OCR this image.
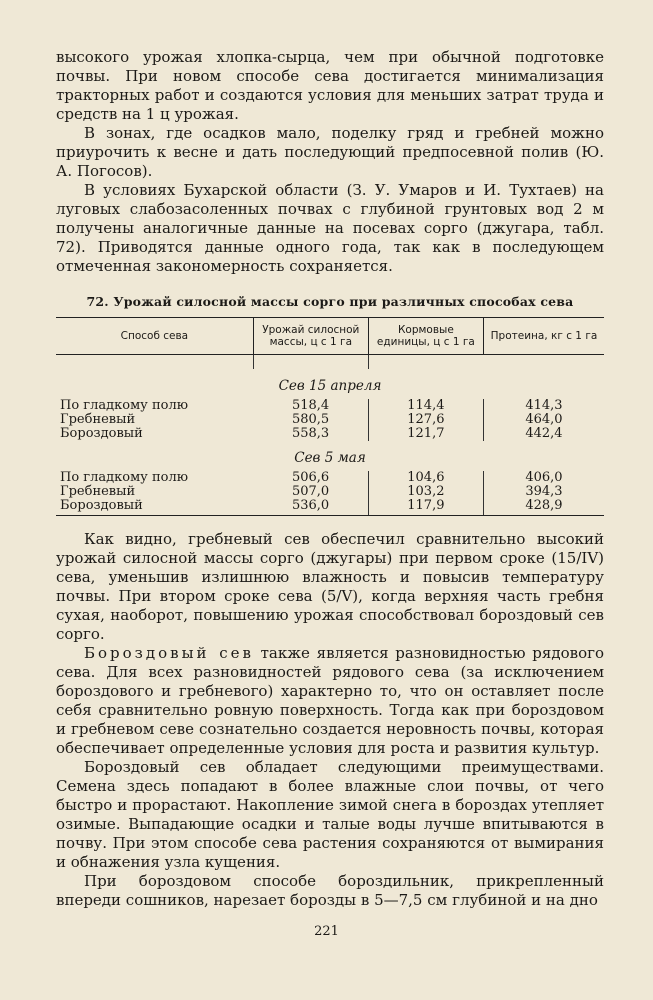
высокого урожая хлопка-сырца, чем при обычной подготовке почвы. При новом способе сева достигается минимализация тракторных работ и создаются условия для меньших затрат труда и средств на 1 ц урожая.

В зонах, где осадков мало, поделку гряд и гребней можно приурочить к весне и дать последующий предпосевной полив (Ю. А. Погосов).

В условиях Бухарской области (З. У. Умаров и И. Тухтаев) на луговых слабозасоленных почвах с глубиной грунтовых вод 2 м получены аналогичные данные на посевах сорго (джугара, табл. 72). Приводятся данные одного года, так как в последующем отмеченная закономерность сохраняется.

72. Урожай силосной массы сорго при различных способах сева
Способ сева	Урожай силосной массы, ц с 1 га	Кормовые единицы, ц с 1 га	Протеина, кг с 1 га

Сев 15 апреля			
По гладкому полю	518,4	114,4	414,3
Гребневый	580,5	127,6	464,0
Бороздовый	558,3	121,7	442,4
Сев 5 мая			
По гладкому полю	506,6	104,6	406,0
Гребневый	507,0	103,2	394,3
Бороздовый	536,0	117,9	428,9

Как видно, гребневый сев обеспечил сравнительно высокий урожай силосной массы сорго (джугары) при первом сроке (15/IV) сева, уменьшив излишнюю влажность и повысив температуру почвы. При втором сроке сева (5/V), когда верхняя часть гребня сухая, наоборот, повышению урожая способствовал бороздовый сев сорго.

Бороздовый сев также является разновидностью рядового сева. Для всех разновидностей рядового сева (за исключением бороздового и гребневого) характерно то, что он оставляет после себя сравнительно ровную поверхность. Тогда как при бороздовом и гребневом севе сознательно создается неровность почвы, которая обеспечивает определенные условия для роста и развития культур.

Бороздовый сев обладает следующими преимуществами. Семена здесь попадают в более влажные слои почвы, от чего быстро и прорастают. Накопление зимой снега в бороздах утепляет озимые. Выпадающие осадки и талые воды лучше впитываются в почву. При этом способе сева растения сохраняются от вымирания и обнажения узла кущения.

При бороздовом способе бороздильник, прикрепленный впереди сошников, нарезает борозды в 5—7,5 см глубиной и на дно

221
